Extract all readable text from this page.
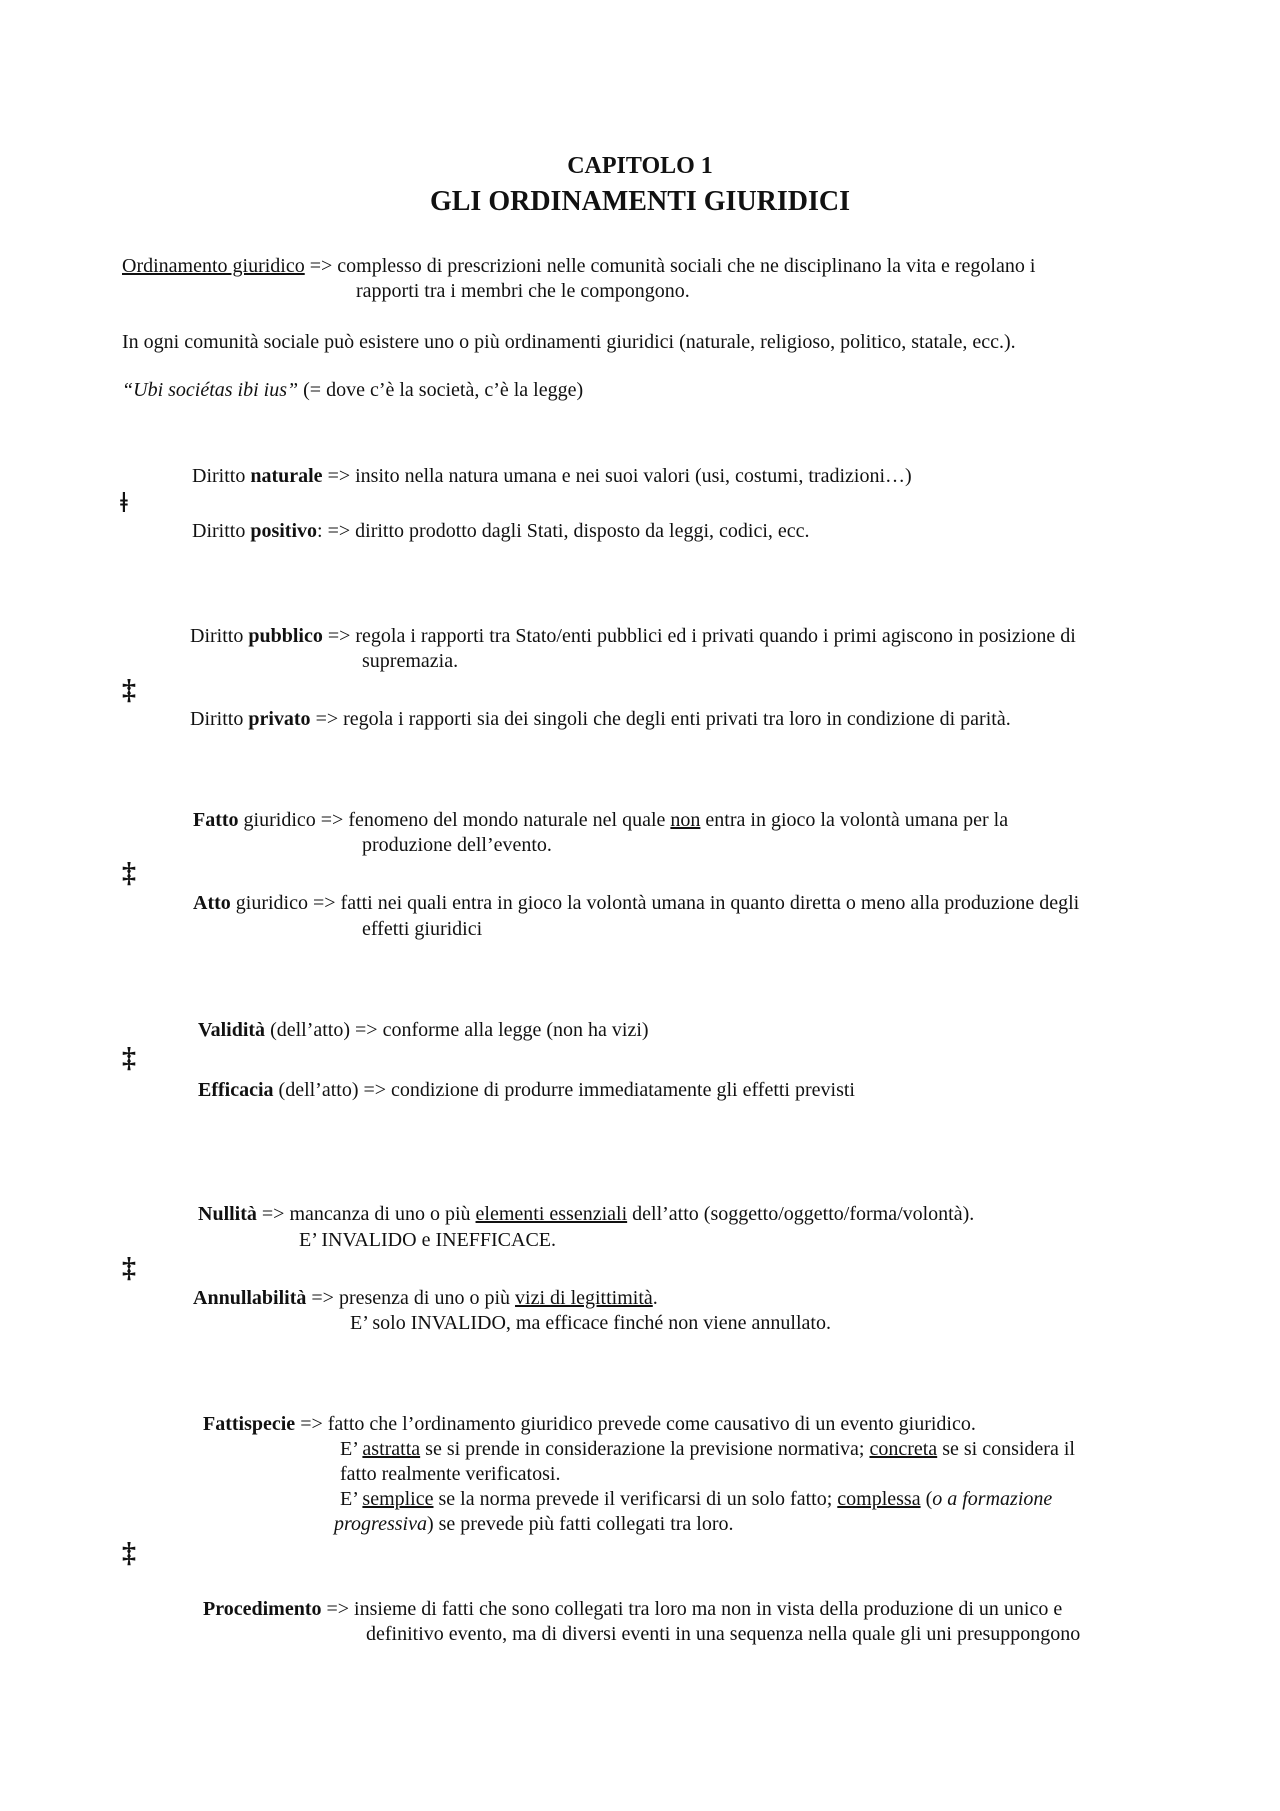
CAPITOLO 1
GLI ORDINAMENTI GIURIDICI
Ordinamento giuridico => complesso di prescrizioni nelle comunità sociali che ne disciplinano la vita e regolano i
rapporti tra i membri che le compongono.
In ogni comunità sociale può esistere uno o più ordinamenti giuridici (naturale, religioso, politico, statale, ecc.).
“Ubi sociétas ibi ius” (= dove c’è la società, c’è la legge)
ǂ
Diritto naturale => insito nella natura umana e nei suoi valori (usi, costumi, tradizioni…)
Diritto positivo: => diritto prodotto dagli Stati, disposto da leggi, codici, ecc.
‡
Diritto pubblico => regola i rapporti tra Stato/enti pubblici ed i privati quando i primi agiscono in posizione di
supremazia.
Diritto privato => regola i rapporti sia dei singoli che degli enti privati tra loro in condizione di parità.
‡
Fatto giuridico => fenomeno del mondo naturale nel quale non entra in gioco la volontà umana per la
produzione dell’evento.
Atto giuridico => fatti nei quali entra in gioco la volontà umana in quanto diretta o meno alla produzione degli
effetti giuridici
‡
Validità (dell’atto) => conforme alla legge (non ha vizi)
Efficacia (dell’atto) => condizione di produrre immediatamente gli effetti previsti
‡
Nullità => mancanza di uno o più elementi essenziali dell’atto (soggetto/oggetto/forma/volontà).
E’ INVALIDO e INEFFICACE.
Annullabilità => presenza di uno o più vizi di legittimità.
E’ solo INVALIDO, ma efficace finché non viene annullato.
‡
Fattispecie => fatto che l’ordinamento giuridico prevede come causativo di un evento giuridico.
E’ astratta se si prende in considerazione la previsione normativa; concreta se si considera il
fatto realmente verificatosi.
E’ semplice se la norma prevede il verificarsi di un solo fatto; complessa (o a formazione
progressiva) se prevede più fatti collegati tra loro.
Procedimento => insieme di fatti che sono collegati tra loro ma non in vista della produzione di un unico e
definitivo evento, ma di diversi eventi in una sequenza nella quale gli uni presuppongono
